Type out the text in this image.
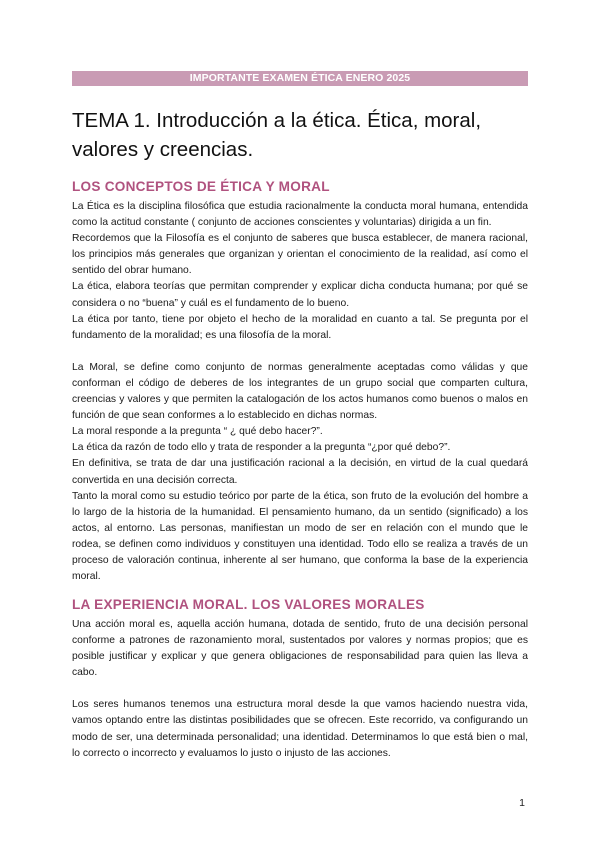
IMPORTANTE EXAMEN ÉTICA ENERO 2025
TEMA 1. Introducción a la ética. Ética, moral, valores y creencias.
LOS CONCEPTOS DE ÉTICA Y MORAL

La Ética es la disciplina filosófica que estudia racionalmente la conducta moral humana, entendida como la actitud constante ( conjunto de acciones conscientes y voluntarias) dirigida a un fin.

Recordemos que la Filosofía es el conjunto de saberes que busca establecer, de manera racional, los principios más generales que organizan y orientan el conocimiento de la realidad, así como el sentido del obrar humano.

La ética, elabora teorías que permitan comprender y explicar dicha conducta humana; por qué se considera o no “buena” y cuál es el fundamento de lo bueno.

La ética por tanto, tiene por objeto el hecho de la moralidad en cuanto a tal. Se pregunta por el fundamento de la moralidad; es una filosofía de la moral.

La Moral, se define como conjunto de normas generalmente aceptadas como válidas y que conforman el código de deberes de los integrantes de un grupo social que comparten cultura, creencias y valores y que permiten la catalogación de los actos humanos como buenos o malos en función de que sean conformes a lo establecido en dichas normas.

La moral responde a la pregunta “ ¿ qué debo hacer?”.

La ética da razón de todo ello y trata de responder a la pregunta “¿por qué debo?”.

En definitiva, se trata de dar una justificación racional a la decisión, en virtud de la cual quedará convertida en una decisión correcta.

Tanto la moral como su estudio teórico por parte de la ética, son fruto de la evolución del hombre a lo largo de la historia de la humanidad. El pensamiento humano, da un sentido (significado) a los actos, al entorno. Las personas, manifiestan un modo de ser en relación con el mundo que le rodea, se definen como individuos y constituyen una identidad. Todo ello se realiza a través de un proceso de valoración continua, inherente al ser humano, que conforma la base de la experiencia moral.

LA EXPERIENCIA MORAL. LOS VALORES MORALES

Una acción moral es, aquella acción humana, dotada de sentido, fruto de una decisión personal conforme a patrones de razonamiento moral, sustentados por valores y normas propios; que es posible justificar y explicar y que genera obligaciones de responsabilidad para quien las lleva a cabo.

Los seres humanos tenemos una estructura moral desde la que vamos haciendo nuestra vida, vamos optando entre las distintas posibilidades que se ofrecen. Este recorrido, va configurando un modo de ser, una determinada personalidad; una identidad. Determinamos lo que está bien o mal, lo correcto o incorrecto y evaluamos lo justo o injusto de las acciones.

1
